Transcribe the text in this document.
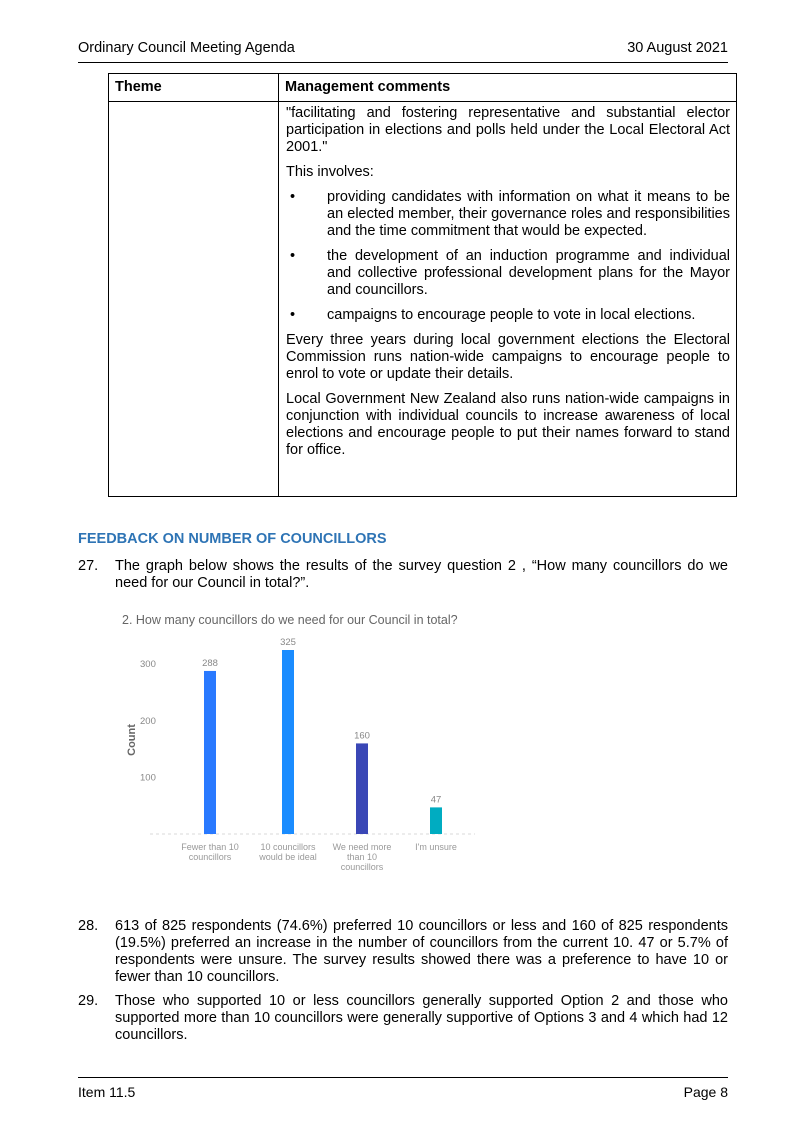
Ordinary Council Meeting Agenda	30 August 2021
Theme	Management comments

"facilitating and fostering representative and substantial elector participation in elections and polls held under the Local Electoral Act 2001."

This involves:

• providing candidates with information on what it means to be an elected member, their governance roles and responsibilities and the time commitment that would be expected.
• the development of an induction programme and individual and collective professional development plans for the Mayor and councillors.
• campaigns to encourage people to vote in local elections.

Every three years during local government elections the Electoral Commission runs nation-wide campaigns to encourage people to enrol to vote or update their details.

Local Government New Zealand also runs nation-wide campaigns in conjunction with individual councils to increase awareness of local elections and encourage people to put their names forward to stand for office.

FEEDBACK ON NUMBER OF COUNCILLORS
27. The graph below shows the results of the survey question 2 , “How many councillors do we need for our Council in total?”.
2. How many councillors do we need for our Council in total?
Count
100
200
300	288
325
160
47
Fewer than 10
councillors
10 councillors
would be ideal
We need more
than 10
councillors
I'm unsure
28. 613 of 825 respondents (74.6%) preferred 10 councillors or less and 160 of 825 respondents (19.5%) preferred an increase in the number of councillors from the current 10. 47 or 5.7% of respondents were unsure. The survey results showed there was a preference to have 10 or fewer than 10 councillors.
29. Those who supported 10 or less councillors generally supported Option 2 and those who supported more than 10 councillors were generally supportive of Options 3 and 4 which had 12 councillors.
Item 11.5	Page 8
